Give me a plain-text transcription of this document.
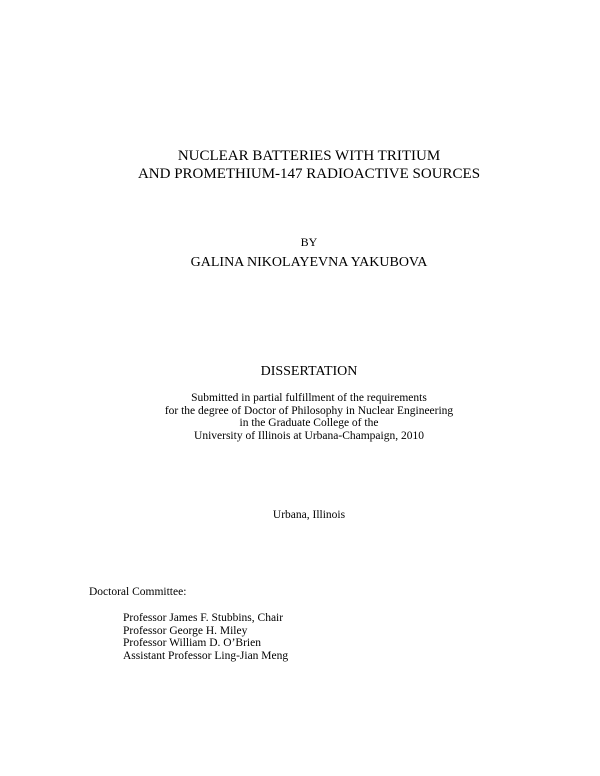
NUCLEAR BATTERIES WITH TRITIUM
AND PROMETHIUM-147 RADIOACTIVE SOURCES
BY
GALINA NIKOLAYEVNA YAKUBOVA
DISSERTATION
Submitted in partial fulfillment of the requirements
for the degree of Doctor of Philosophy in Nuclear Engineering
in the Graduate College of the
University of Illinois at Urbana-Champaign, 2010
Urbana, Illinois
Doctoral Committee:
Professor James F. Stubbins, Chair
Professor George H. Miley
Professor William D. O’Brien
Assistant Professor Ling-Jian Meng
